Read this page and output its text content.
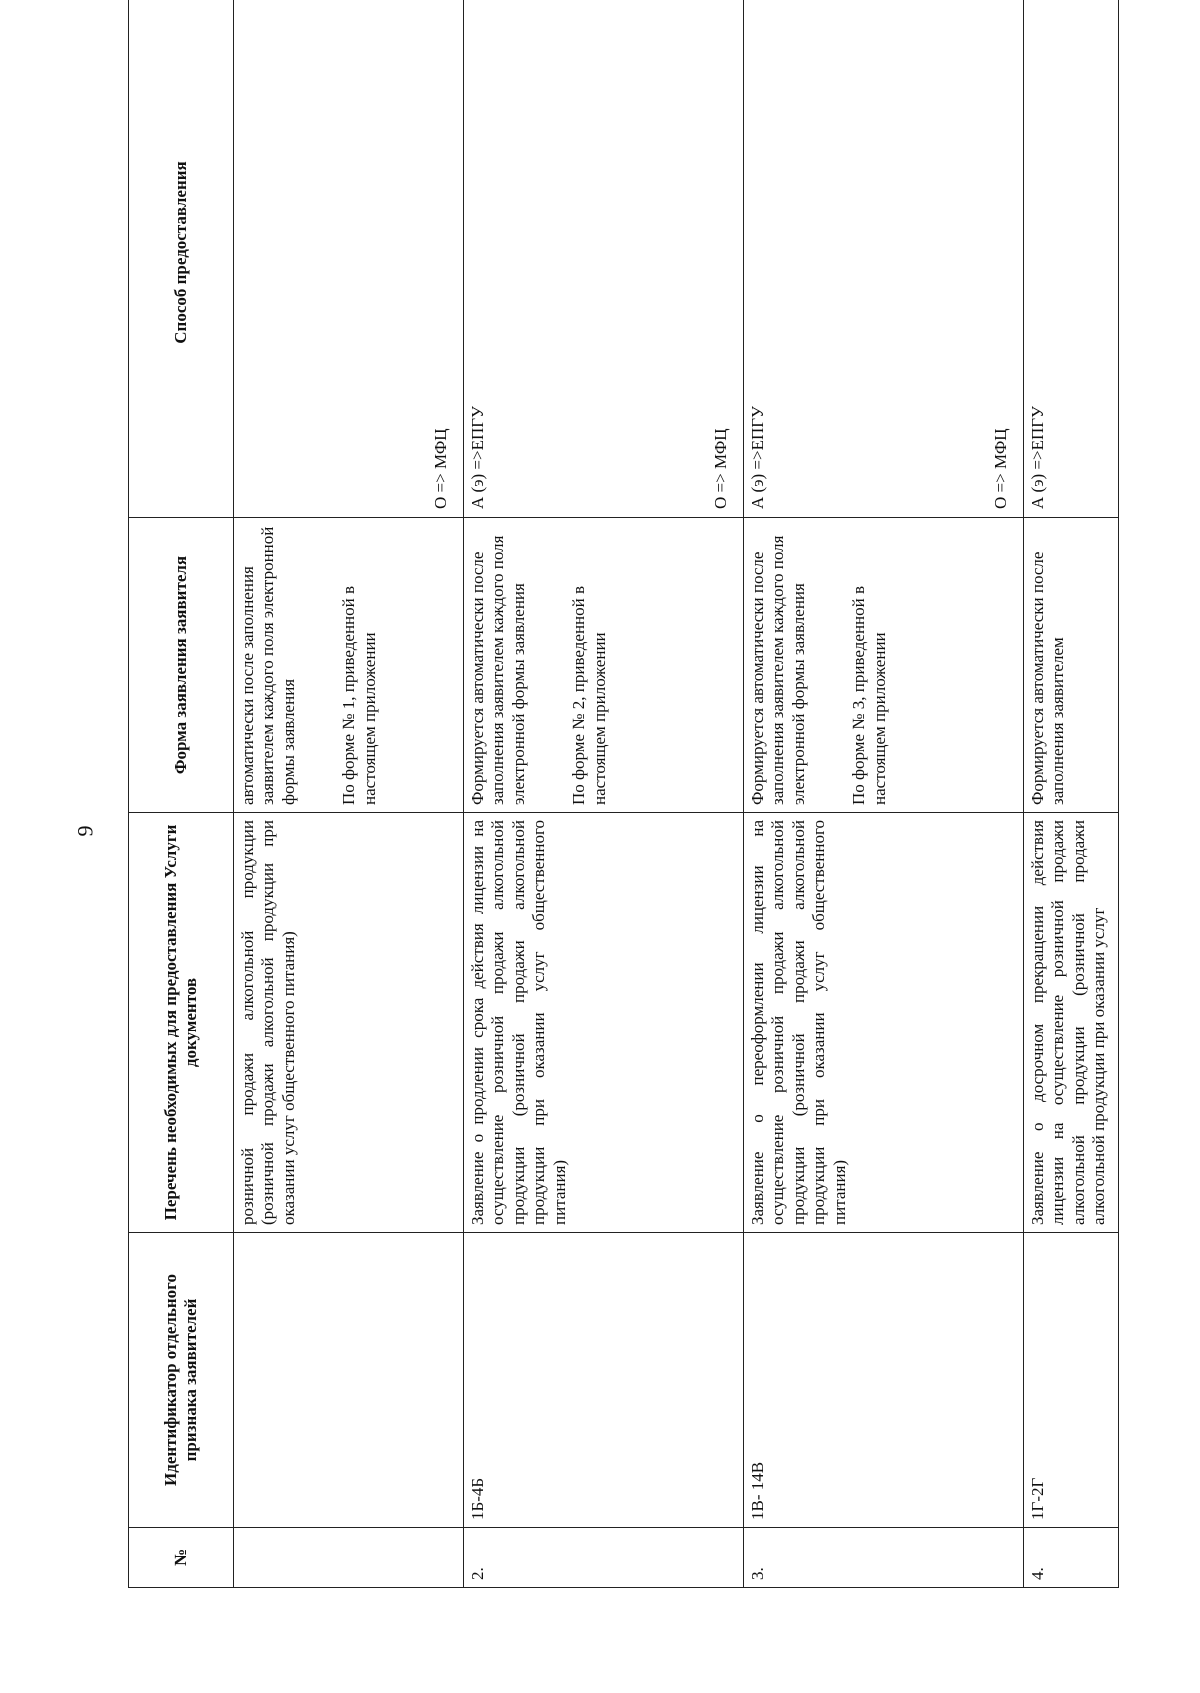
9
№	Идентификатор отдельного признака заявителей	Перечень необходимых для предоставления Услуги документов	Форма заявления заявителя	Способ предоставления
		розничной продажи алкогольной продукции (розничной продажи алкогольной продукции при оказании услуг общественного питания)	автоматически после заполнения заявителем каждого поля электронной формы заявления По форме № 1, приведенной в настоящем приложении	О => МФЦ

2.	1Б-4Б	Заявление о продлении срока действия лицензии на осуществление розничной продажи алкогольной продукции (розничной продажи алкогольной продукции при оказании услуг общественного питания)	Формируется автоматически после заполнения заявителем каждого поля электронной формы заявления По форме № 2, приведенной в настоящем приложении	А (э) =>ЕПГУ О => МФЦ

3.	1В- 14В	Заявление о переоформлении лицензии на осуществление розничной продажи алкогольной продукции (розничной продажи алкогольной продукции при оказании услуг общественного питания)	Формируется автоматически после заполнения заявителем каждого поля электронной формы заявления По форме № 3, приведенной в настоящем приложении	А (э) =>ЕПГУ О => МФЦ

4.	1Г-2Г	Заявление о досрочном прекращении действия лицензии на осуществление розничной продажи алкогольной продукции (розничной продажи алкогольной продукции при оказании услуг	Формируется автоматически после заполнения заявителем	А (э) =>ЕПГУ
